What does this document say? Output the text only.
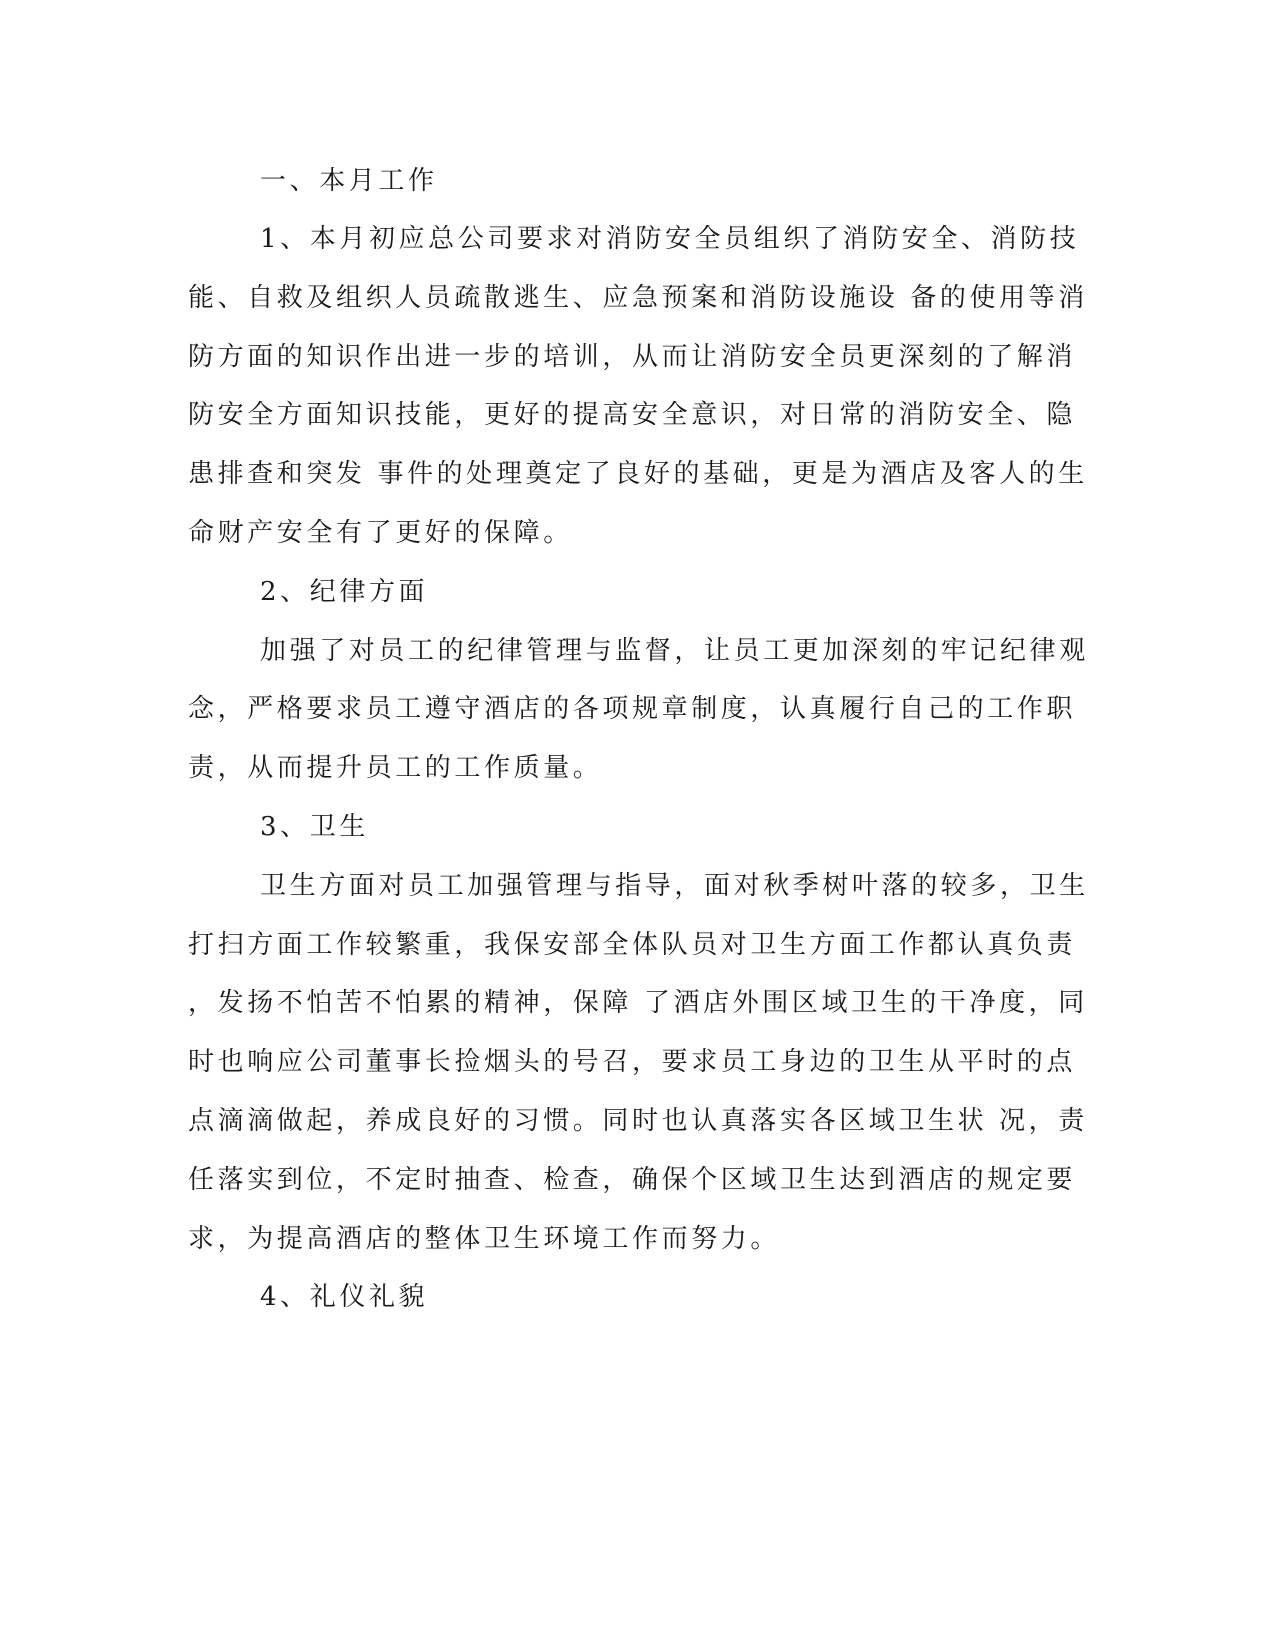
一、本月工作
1、本月初应总公司要求对消防安全员组织了消防安全、消防技
能、自救及组织人员疏散逃生、应急预案和消防设施设 备的使用等消
防方面的知识作出进一步的培训，从而让消防安全员更深刻的了解消
防安全方面知识技能，更好的提高安全意识，对日常的消防安全、隐
患排查和突发 事件的处理奠定了良好的基础，更是为酒店及客人的生
命财产安全有了更好的保障。
2、纪律方面
加强了对员工的纪律管理与监督，让员工更加深刻的牢记纪律观
念，严格要求员工遵守酒店的各项规章制度，认真履行自己的工作职
责，从而提升员工的工作质量。
3、卫生
卫生方面对员工加强管理与指导，面对秋季树叶落的较多，卫生
打扫方面工作较繁重，我保安部全体队员对卫生方面工作都认真负责
，发扬不怕苦不怕累的精神，保障 了酒店外围区域卫生的干净度，同
时也响应公司董事长捡烟头的号召，要求员工身边的卫生从平时的点
点滴滴做起，养成良好的习惯。同时也认真落实各区域卫生状 况，责
任落实到位，不定时抽查、检查，确保个区域卫生达到酒店的规定要
求，为提高酒店的整体卫生环境工作而努力。
4、礼仪礼貌
